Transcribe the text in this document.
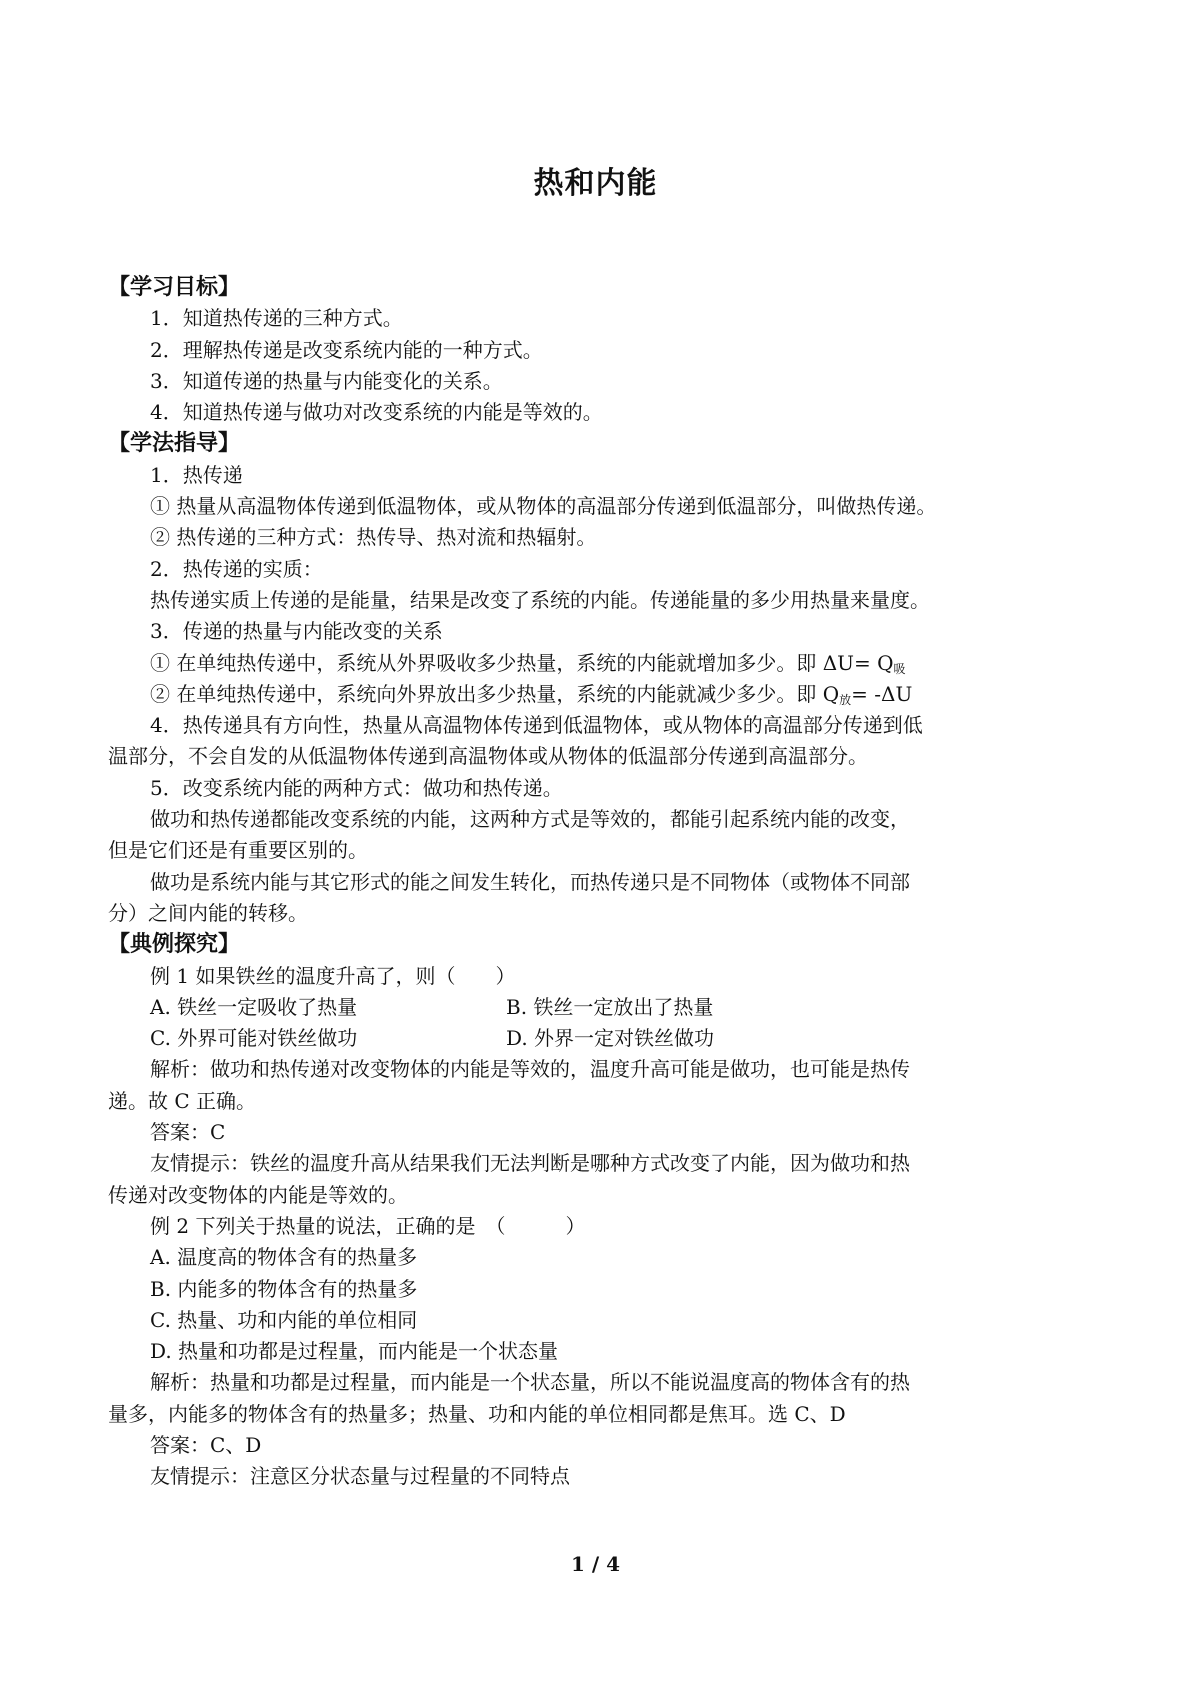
热和内能
【学习目标】
1．知道热传递的三种方式。
2．理解热传递是改变系统内能的一种方式。
3．知道传递的热量与内能变化的关系。
4．知道热传递与做功对改变系统的内能是等效的。
【学法指导】
1．热传递
① 热量从高温物体传递到低温物体，或从物体的高温部分传递到低温部分，叫做热传递。
② 热传递的三种方式：热传导、热对流和热辐射。
2．热传递的实质：
热传递实质上传递的是能量，结果是改变了系统的内能。传递能量的多少用热量来量度。
3．传递的热量与内能改变的关系
① 在单纯热传递中，系统从外界吸收多少热量，系统的内能就增加多少。即 $\Delta U= Q_吸$
② 在单纯热传递中，系统向外界放出多少热量，系统的内能就减少多少。即 $Q_放= -\Delta U$
4．热传递具有方向性，热量从高温物体传递到低温物体，或从物体的高温部分传递到低
温部分，不会自发的从低温物体传递到高温物体或从物体的低温部分传递到高温部分。
5．改变系统内能的两种方式：做功和热传递。
做功和热传递都能改变系统的内能，这两种方式是等效的，都能引起系统内能的改变，
但是它们还是有重要区别的。
做功是系统内能与其它形式的能之间发生转化，而热传递只是不同物体（或物体不同部
分）之间内能的转移。
【典例探究】
例 1 如果铁丝的温度升高了，则（　　）
A. 铁丝一定吸收了热量	B. 铁丝一定放出了热量
C. 外界可能对铁丝做功	D. 外界一定对铁丝做功
解析：做功和热传递对改变物体的内能是等效的，温度升高可能是做功，也可能是热传
递。故 C 正确。
答案：C
友情提示：铁丝的温度升高从结果我们无法判断是哪种方式改变了内能，因为做功和热
传递对改变物体的内能是等效的。
例 2 下列关于热量的说法，正确的是　（　　　）
A. 温度高的物体含有的热量多
B. 内能多的物体含有的热量多
C. 热量、功和内能的单位相同
D. 热量和功都是过程量，而内能是一个状态量
解析：热量和功都是过程量，而内能是一个状态量，所以不能说温度高的物体含有的热
量多，内能多的物体含有的热量多；热量、功和内能的单位相同都是焦耳。选 C、D
答案：C、D
友情提示：注意区分状态量与过程量的不同特点
1 / 4
